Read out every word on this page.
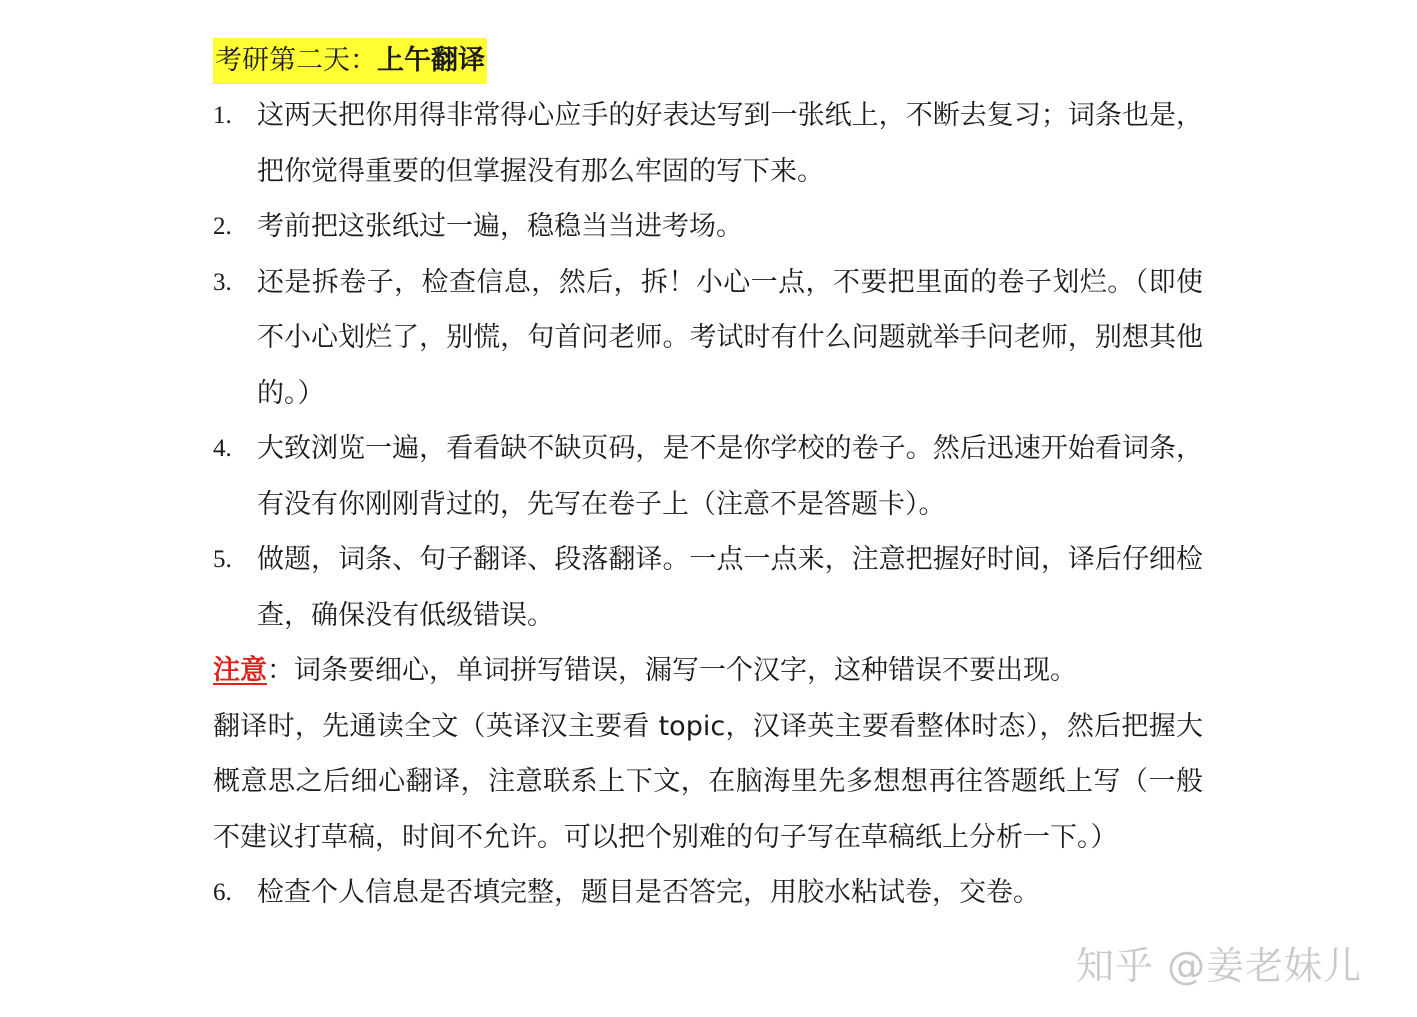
考研第二天：上午翻译
1. 这两天把你用得非常得心应手的好表达写到一张纸上，不断去复习；词条也是，把你觉得重要的但掌握没有那么牢固的写下来。
2. 考前把这张纸过一遍，稳稳当当进考场。
3. 还是拆卷子，检查信息，然后，拆！小心一点，不要把里面的卷子划烂。（即使不小心划烂了，别慌，句首问老师。考试时有什么问题就举手问老师，别想其他的。）
4. 大致浏览一遍，看看缺不缺页码，是不是你学校的卷子。然后迅速开始看词条，有没有你刚刚背过的，先写在卷子上（注意不是答题卡）。
5. 做题，词条、句子翻译、段落翻译。一点一点来，注意把握好时间，译后仔细检查，确保没有低级错误。
注意：词条要细心，单词拼写错误，漏写一个汉字，这种错误不要出现。
翻译时，先通读全文（英译汉主要看 topic，汉译英主要看整体时态），然后把握大概意思之后细心翻译，注意联系上下文，在脑海里先多想想再往答题纸上写（一般不建议打草稿，时间不允许。可以把个别难的句子写在草稿纸上分析一下。）
6. 检查个人信息是否填完整，题目是否答完，用胶水粘试卷，交卷。
知乎 @姜老妹儿
